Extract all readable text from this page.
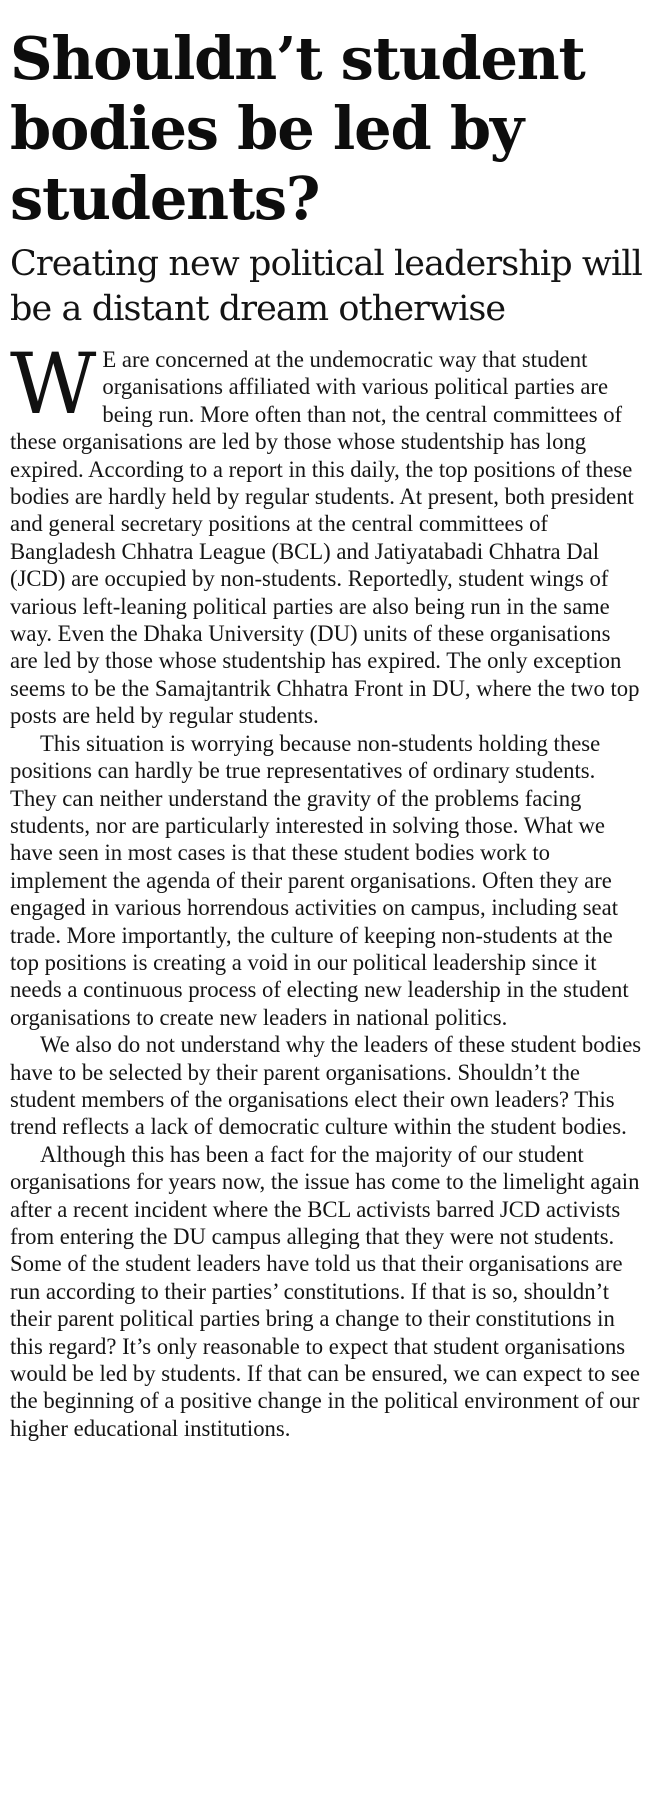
Shouldn’t student bodies be led by students?
Creating new political leadership will be a distant dream otherwise

W E are concerned at the undemocratic way that student organisations affiliated with various political parties are being run. More often than not, the central committees of these organisations are led by those whose studentship has long expired. According to a report in this daily, the top positions of these bodies are hardly held by regular students. At present, both president and general secretary positions at the central committees of Bangladesh Chhatra League (BCL) and Jatiyatabadi Chhatra Dal (JCD) are occupied by non-students. Reportedly, student wings of various left-leaning political parties are also being run in the same way. Even the Dhaka University (DU) units of these organisations are led by those whose studentship has expired. The only exception seems to be the Samajtantrik Chhatra Front in DU, where the two top posts are held by regular students.

This situation is worrying because non-students holding these positions can hardly be true representatives of ordinary students. They can neither understand the gravity of the problems facing students, nor are particularly interested in solving those. What we have seen in most cases is that these student bodies work to implement the agenda of their parent organisations. Often they are engaged in various horrendous activities on campus, including seat trade. More importantly, the culture of keeping non-students at the top positions is creating a void in our political leadership since it needs a continuous process of electing new leadership in the student organisations to create new leaders in national politics.

We also do not understand why the leaders of these student bodies have to be selected by their parent organisations. Shouldn’t the student members of the organisations elect their own leaders? This trend reflects a lack of democratic culture within the student bodies.

Although this has been a fact for the majority of our student organisations for years now, the issue has come to the limelight again after a recent incident where the BCL activists barred JCD activists from entering the DU campus alleging that they were not students. Some of the student leaders have told us that their organisations are run according to their parties’ constitutions. If that is so, shouldn’t their parent political parties bring a change to their constitutions in this regard? It’s only reasonable to expect that student organisations would be led by students. If that can be ensured, we can expect to see the beginning of a positive change in the political environment of our higher educational institutions.
